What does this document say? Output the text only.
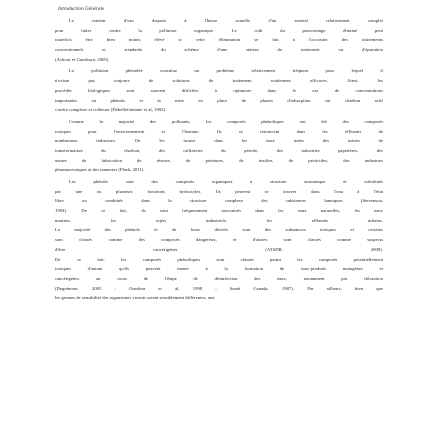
Introduction Générale
Le traiteur d'eau dispose à l'heure actuelle d'un arsenal relativement complet
pour lutter contre la pollution organique. Le coût du pourcentage éliminé peut
toutefois être bien moins élevé si cette élimination se fait à l'occasion des traitements
conventionnels et standards du schéma d'une station de traitement ou d'épuration
(Achour et Guesbaya, 2005).
La pollution phénolée constitue un problème relativement fréquent pour lequel il
n'existe pas toujours de solutions de traitement totalement efficaces. Ainsi, les
procédés biologiques sont souvent difficiles à optimiser dans le cas de concentrations
importantes en phénols et la mise en place de phases d'adsorption sur charbon actif
s'avère complexe et coûteuse (Debellefontaine et al, 1992).
Comme la majorité des polluants, les composés phénoliques ont été des composés
toxiques pour l'environnement et l'homme. Ils se retrouvent dans les effluents de
nombreuses industries. On les trouve dans les eaux usées des usines de
transformation du charbon, des raffineries du pétrole, des industries papetières, des
usines de fabrication de résines, de peintures, de textiles, de pesticides, des industries
pharmaceutiques et des tanneries (Flash, 2011).
Les phénols sont des composés organiques à structure aromatique et substitués
par une ou plusieurs fonctions hydroxyles. Ils peuvent se trouver dans l'eau à l'état
libre ou combinés dans la structure complexe des substances humiques (Stevenson,
1994). De ce fait, ils sont fréquemment rencontrés dans les eaux naturelles, les eaux
marines, les rejets industriels, les effluents urbains.
La majorité des phénols et de leurs dérivés sont des substances toxiques et certains
sont classés comme des composés dangereux, et d'autres sont classés comme suspects
d'être cancérigènes (ATSDR, 2008).
De ce fait, les composés phénoliques sont classés parmi les composés potentiellement
toxiques d'autant qu'ils peuvent mener à la formation de sous-produits mutagènes et
cancérigènes au cours de l'étape de désinfection des eaux, notamment par chloration
(Degrémont, 2005 ; Onodera et al, 1998 ; Santé Canada, 1987). Par ailleurs, bien que
les germes de sensibilité des organismes vivants soient sensiblement différentes, une
